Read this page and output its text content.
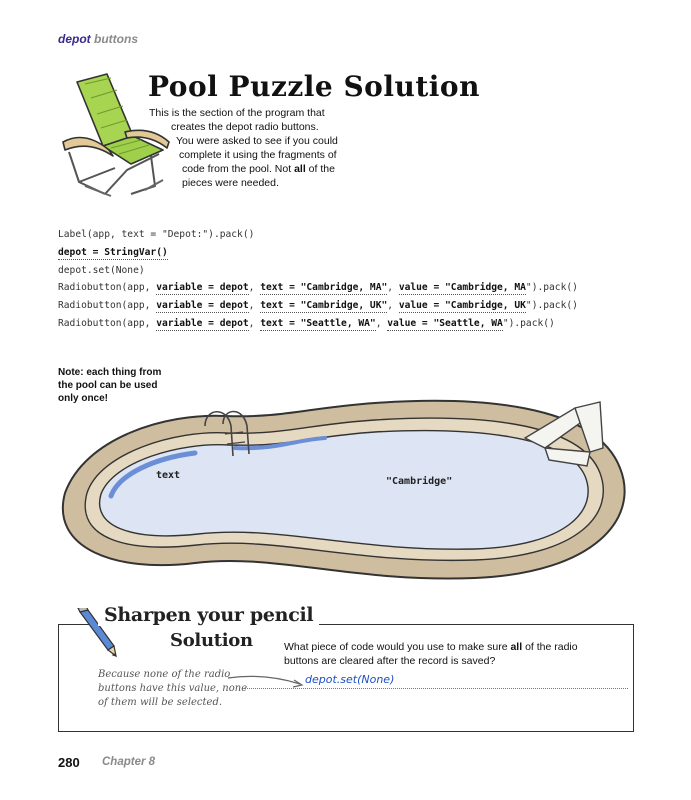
depot buttons
Pool Puzzle Solution
This is the section of the program that
creates the depot radio buttons.
You were asked to see if you could
complete it using the fragments of
code from the pool. Not all of the
pieces were needed.
Label(app, text = "Depot:").pack()
depot = StringVar()
depot.set(None)
Radiobutton(app, variable = depot, text = "Cambridge, MA", value = "Cambridge, MA").pack()
Radiobutton(app, variable = depot, text = "Cambridge, UK", value = "Cambridge, UK").pack()
Radiobutton(app, variable = depot, text = "Seattle, WA", value = "Seattle, WA").pack()
Note: each thing from the pool can be used only once!
text
"Cambridge"
Sharpen your pencil
Solution	What piece of code would you use to make sure all of the radio buttons are cleared after the record is saved?
Because none of the radio
buttons have this value, none
of them will be selected.
depot.set(None)
280 Chapter 8
